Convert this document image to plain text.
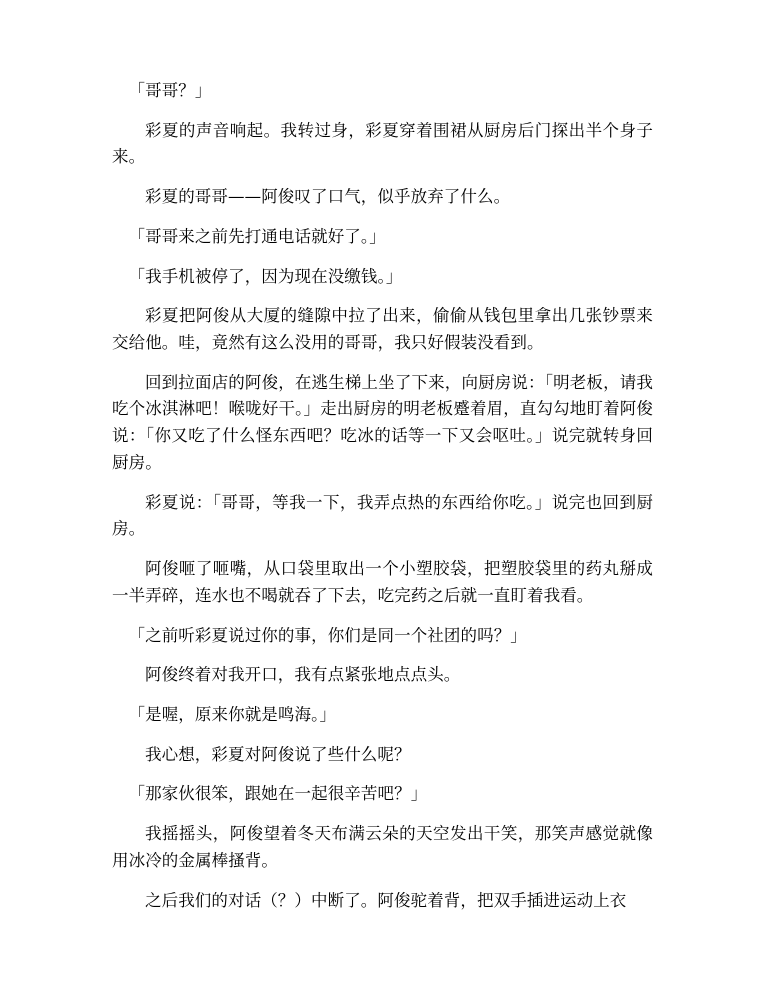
「哥哥？」

彩夏的声音响起。我转过身，彩夏穿着围裙从厨房后门探出半个身子来。

彩夏的哥哥——阿俊叹了口气，似乎放弃了什么。

「哥哥来之前先打通电话就好了。」

「我手机被停了，因为现在没缴钱。」

彩夏把阿俊从大厦的缝隙中拉了出来，偷偷从钱包里拿出几张钞票来交给他。哇，竟然有这么没用的哥哥，我只好假装没看到。

回到拉面店的阿俊，在逃生梯上坐了下来，向厨房说：「明老板，请我吃个冰淇淋吧！喉咙好干。」走出厨房的明老板蹙着眉，直勾勾地盯着阿俊说：「你又吃了什么怪东西吧？吃冰的话等一下又会呕吐。」说完就转身回厨房。

彩夏说：「哥哥，等我一下，我弄点热的东西给你吃。」说完也回到厨房。

阿俊咂了咂嘴，从口袋里取出一个小塑胶袋，把塑胶袋里的药丸掰成一半弄碎，连水也不喝就吞了下去，吃完药之后就一直盯着我看。

「之前听彩夏说过你的事，你们是同一个社团的吗？」

阿俊终着对我开口，我有点紧张地点点头。

「是喔，原来你就是鸣海。」

我心想，彩夏对阿俊说了些什么呢？

「那家伙很笨，跟她在一起很辛苦吧？」

我摇摇头，阿俊望着冬天布满云朵的天空发出干笑，那笑声感觉就像用冰冷的金属棒搔背。

之后我们的对话（？）中断了。阿俊驼着背，把双手插进运动上衣
